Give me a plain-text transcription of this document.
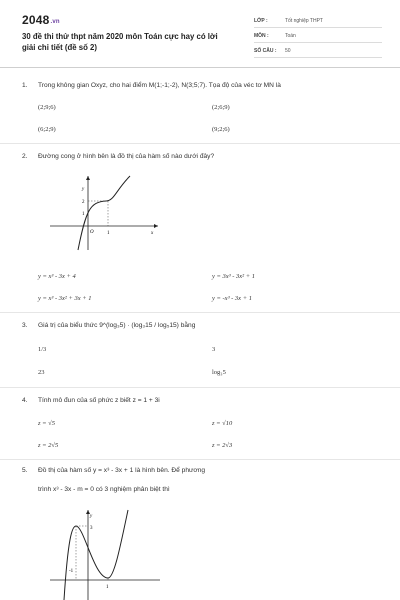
2048.vn
30 đề thi thử thpt năm 2020 môn Toán cực hay có lời giải chi tiết (đề số 2)
LỚP :	Tốt nghiệp THPT
MÔN :	Toán
SỐ CÂU : 50
1. Trong không gian Oxyz, cho hai điểm M(1;-1;-2), N(3;5;7). Tọa độ của véc tơ MN là
(2;9;6)	(2;6;9)
(6;2;9)	(9;2;6)
2. Đường cong ở hình bên là đồ thị của hàm số nào dưới đây?
y
x
O	1
2
1
y = x³ - 3x + 4	y = 3x³ - 3x² + 1
y = x³ - 3x² + 3x + 1	y = -x³ - 3x + 1
3. Giá trị của biểu thức 9^(log₃5) · (log₃15 / log₅15) bằng
1/3	3
23	log₃5
4. Tính mô đun của số phức z biết z = 1 + 3i
z = √5	z = √10
z = 2√5	z = 2√3
5. Đồ thị của hàm số y = x³ - 3x + 1 là hình bên. Để phương
trình x³ - 3x - m = 0 có 3 nghiệm phân biệt thì
y
3
-1
1
